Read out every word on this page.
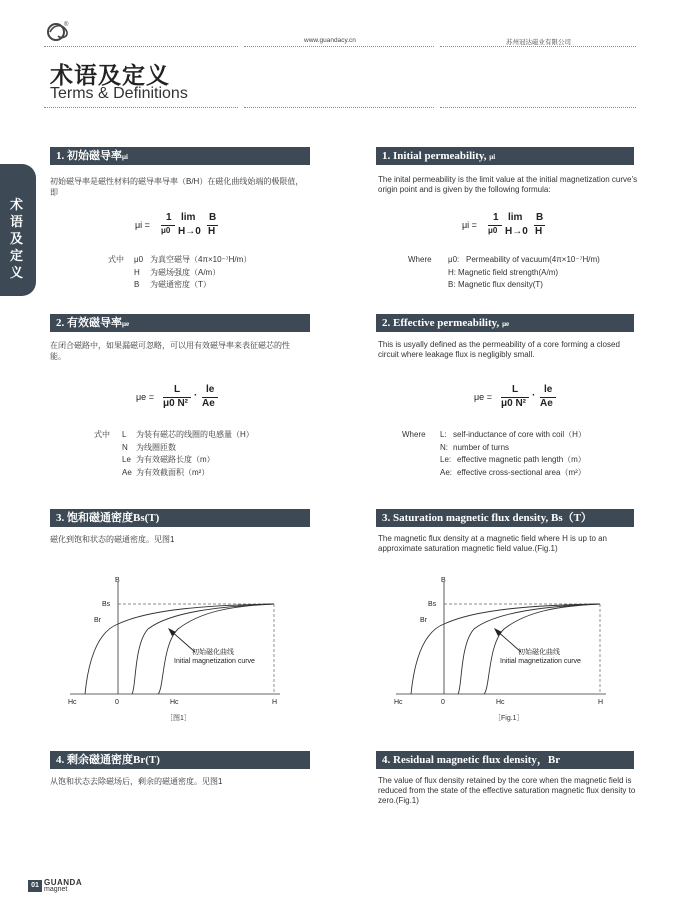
®
www.guandacy.cn	苏州冠达磁业有限公司
术语及定义
Terms & Definitions
术
语
及
定
义
1. 初始磁导率μi	1. Initial permeability, μi
初始磁导率是磁性材料的磁导率导率（B/H）在磁化曲线始端的极限值，即
The inital permeability is the limit value at the initial magnetization curve’s origin point and is given by the following formula:
μi =
1
μ0
lim
H→0
B
H
μi =
1
μ0
lim
H→0
B
H
式中 μ0 为真空磁导（4π×10⁻⁷H/m）
H 为磁场强度（A/m）
B 为磁通密度（T）
Where μ0: Permeability of vacuum(4π×10⁻⁷H/m)
H: Magnetic field strength(A/m)
B: Magnetic flux density(T)
2. 有效磁导率μe	2. Effective permeability, μe
在闭合磁路中，如果漏磁可忽略，可以用有效磁导率来表征磁芯的性能。
This is usyally defined as the permeability of a core forming a closed circuit where leakage flux is negligibly small.
μe =
L
μ0 N²
·
le
Ae
μe =
L
μ0 N²
·
le
Ae
式中 L 为装有磁芯的线圈的电感量（H）
N 为线圈匝数
Le 为有效磁路长度（m）
Ae 为有效截面积（m²）
Where L: self-inductance of core with coil（H）
N: number of turns
Le: effective magnetic path length（m）
Ae: effective cross-sectional area（m²）
3. 饱和磁通密度Bs(T)	3. Saturation magnetic flux density, Bs（T）
磁化到饱和状态的磁通密度。见图1	The magnetic flux density at a magnetic field where H is up to an approximate saturation magnetic field value.(Fig.1)
B
Bs
Br
Hc	0	Hc	H
初始磁化曲线
Initial magnetization curve
［图1］
B
Bs
Br
Hc	0	Hc	H
初始磁化曲线
Initial magnetization curve
［Fig.1］
4. 剩余磁通密度Br(T)	4. Residual magnetic flux density，Br
从饱和状态去除磁场后，剩余的磁通密度。见图1	The value of flux density retained by the core when the magnetic field is reduced from the state of the effective saturation magnetic flux density to zero.(Fig.1)
01 GUANDA
magnet
